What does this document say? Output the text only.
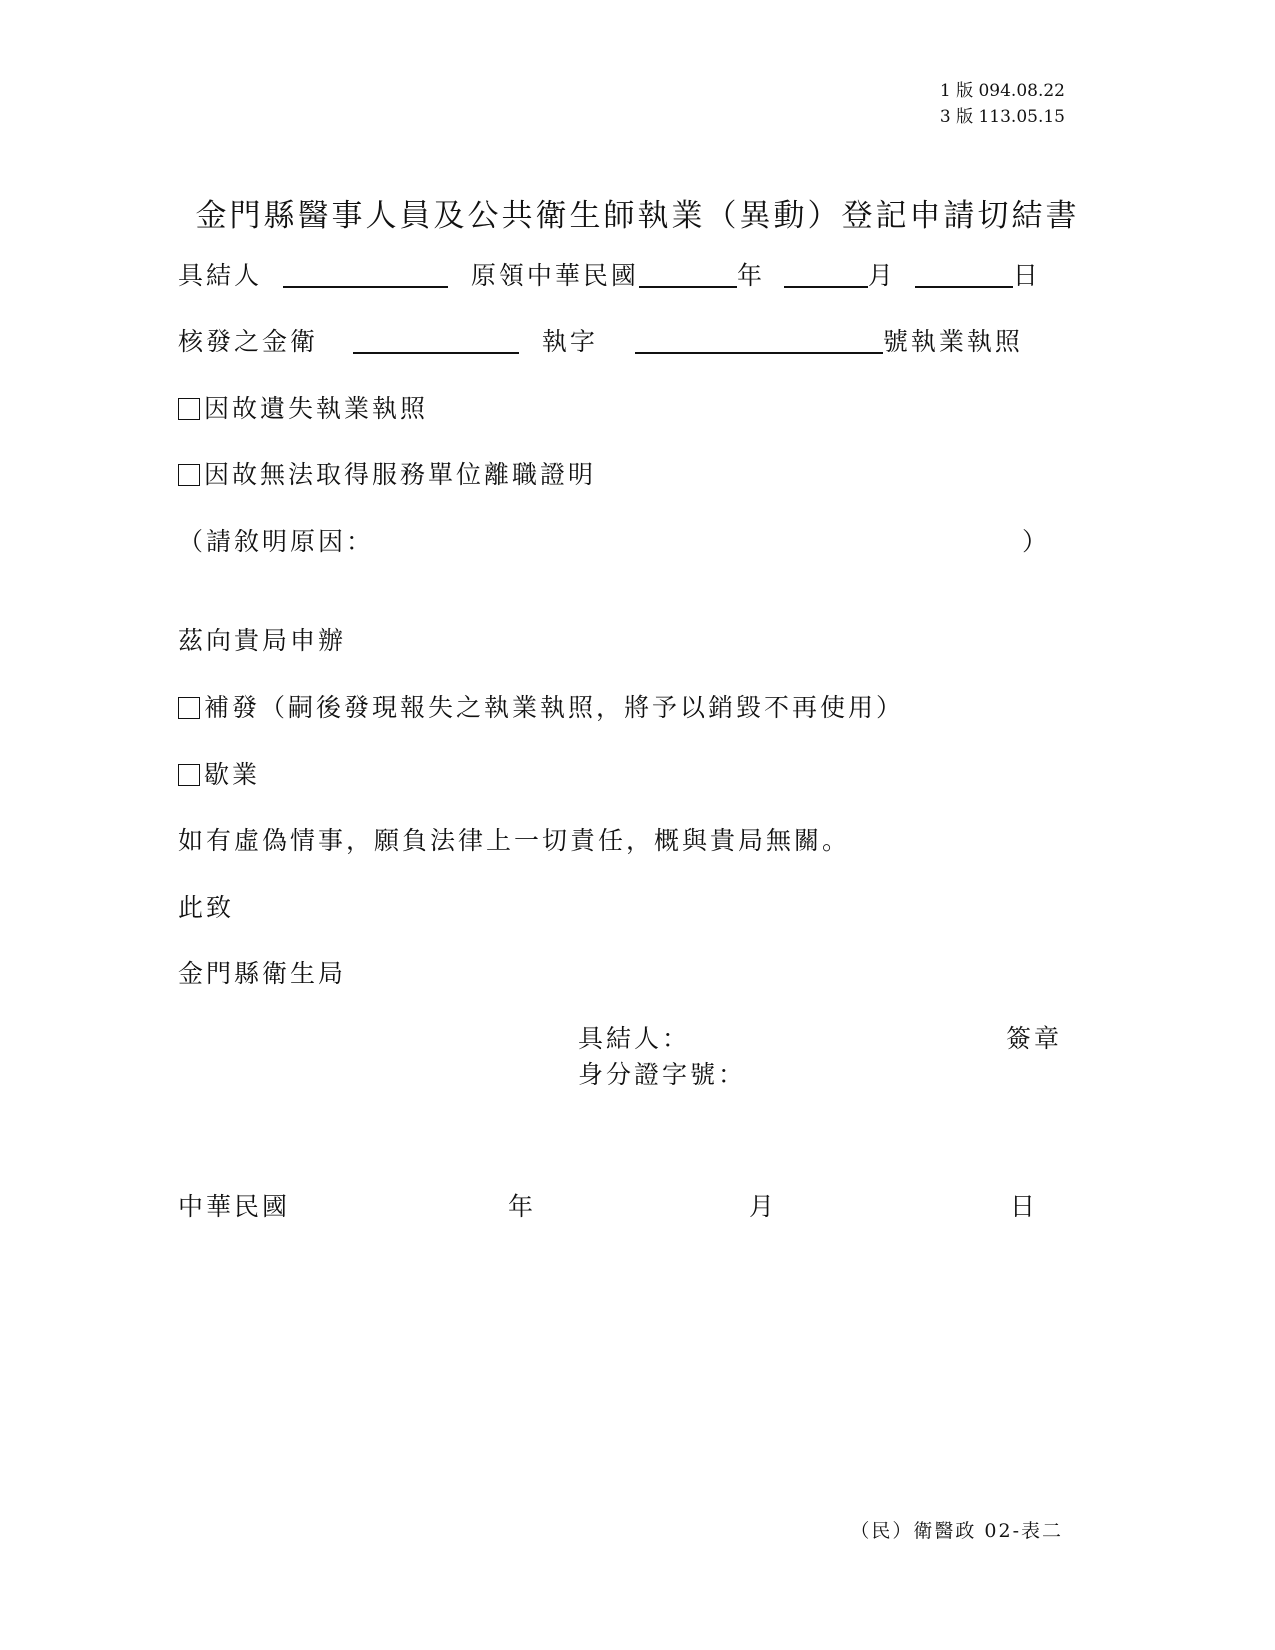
1 版 094.08.22
3 版 113.05.15
金門縣醫事人員及公共衛生師執業（異動）登記申請切結書
具結人	原領中華民國	年	月	日
核發之金衛	執字	號執業執照
因故遺失執業執照
因故無法取得服務單位離職證明
（請敘明原因：	）
茲向貴局申辦
補發（嗣後發現報失之執業執照，將予以銷毀不再使用）
歇業
如有虛偽情事，願負法律上一切責任，概與貴局無關。
此致
金門縣衛生局
具結人：	簽章
身分證字號：
中華民國	年	月	日
（民）衛醫政 02-表二
